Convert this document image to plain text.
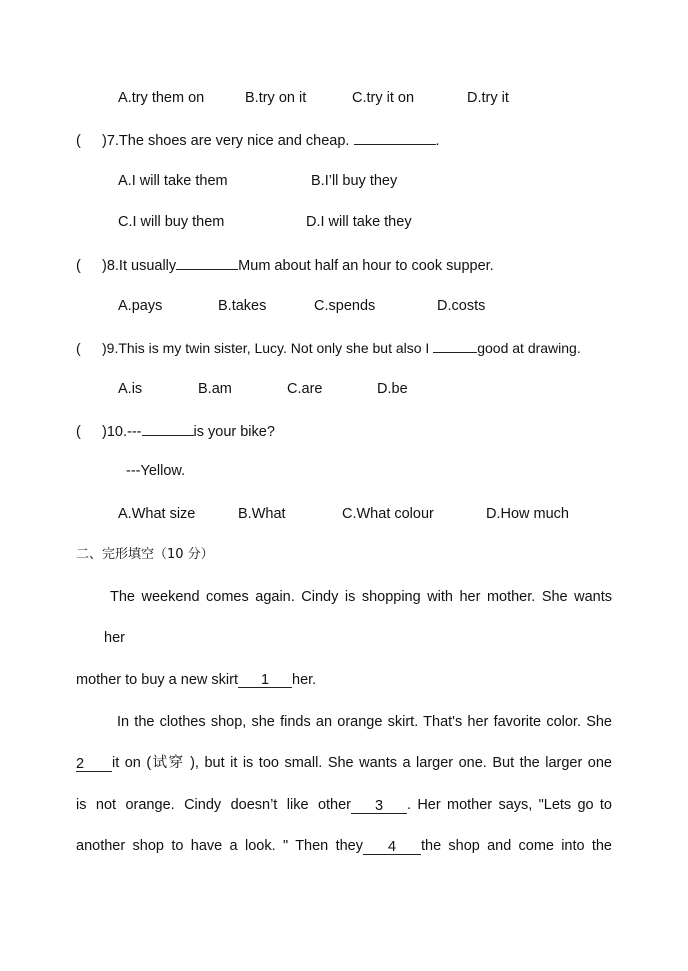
A.try them on	B.try on it	C.try it on	D.try it
( )7.The shoes are very nice and cheap.	.
A.I will take them	B.I’ll buy they
C.I will buy them	D.I will take they
( )8.It usually	Mum about half an hour to cook supper.
A.pays	B.takes	C.spends	D.costs
( )9.This is my twin sister, Lucy. Not only she but also I	good at drawing.
A.is	B.am	C.are	D.be
( )10.---	is your bike?
---Yellow.
A.What size	B.What	C.What colour	D.How much
二、完形填空（10 分）
The weekend comes again. Cindy is shopping with her mother. She wants
her
mother to buy a new skirt 1 her.
In the clothes shop, she finds an orange skirt. That's her favorite color. She
2	it on (试穿 ), but it is too small. She wants a larger one. But the larger one
is not orange. Cindy doesn’t like other	3	. Her mother says, "Lets go to
another shop to have a look. " Then they	4	the shop and come into the
